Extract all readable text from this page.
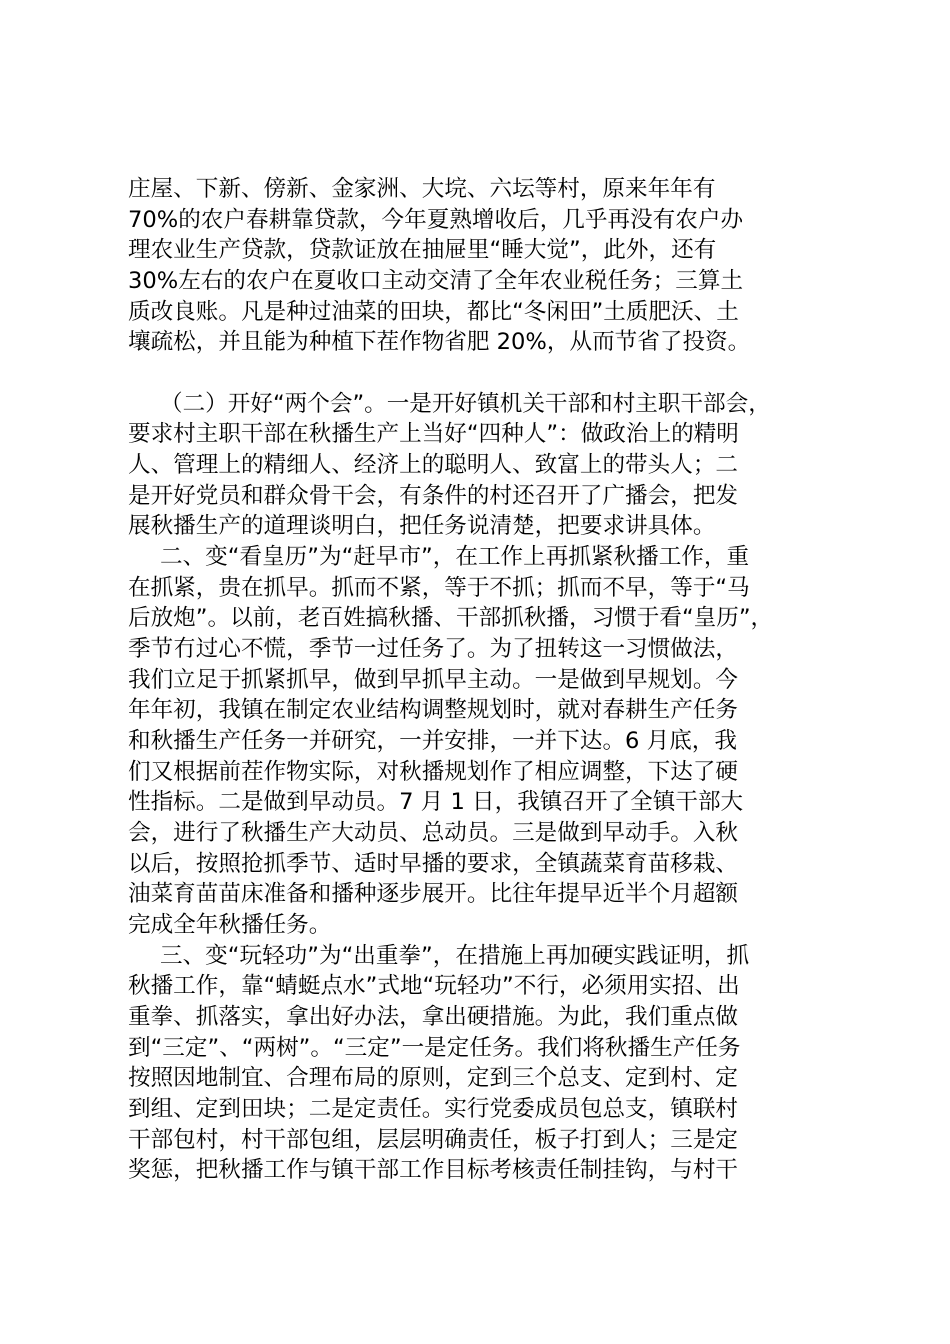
庄屋、下新、傍新、金家洲、大垸、六坛等村，原来年年有
70%的农户春耕靠贷款，今年夏熟增收后，几乎再没有农户办
理农业生产贷款，贷款证放在抽屉里“睡大觉”，此外，还有
30%左右的农户在夏收口主动交清了全年农业税任务；三算土
质改良账。凡是种过油菜的田块，都比“冬闲田”土质肥沃、土
壤疏松，并且能为种植下茬作物省肥 20%，从而节省了投资。
（二）开好“两个会”。一是开好镇机关干部和村主职干部会，
要求村主职干部在秋播生产上当好“四种人”：做政治上的精明
人、管理上的精细人、经济上的聪明人、致富上的带头人；二
是开好党员和群众骨干会，有条件的村还召开了广播会，把发
展秋播生产的道理谈明白，把任务说清楚，把要求讲具体。
二、变“看皇历”为“赶早市”，在工作上再抓紧秋播工作，重
在抓紧，贵在抓早。抓而不紧，等于不抓；抓而不早，等于“马
后放炮”。以前，老百姓搞秋播、干部抓秋播，习惯于看“皇历”，
季节冇过心不慌，季节一过任务了。为了扭转这一习惯做法，
我们立足于抓紧抓早，做到早抓早主动。一是做到早规划。今
年年初，我镇在制定农业结构调整规划时，就对春耕生产任务
和秋播生产任务一并研究，一并安排，一并下达。6 月底，我
们又根据前茬作物实际，对秋播规划作了相应调整，下达了硬
性指标。二是做到早动员。7 月 1 日，我镇召开了全镇干部大
会，进行了秋播生产大动员、总动员。三是做到早动手。入秋
以后，按照抢抓季节、适时早播的要求，全镇蔬菜育苗移栽、
油菜育苗苗床准备和播种逐步展开。比往年提早近半个月超额
完成全年秋播任务。
三、变“玩轻功”为“出重拳”，在措施上再加硬实践证明，抓
秋播工作，靠“蜻蜓点水”式地“玩轻功”不行，必须用实招、出
重拳、抓落实，拿出好办法，拿出硬措施。为此，我们重点做
到“三定”、“两树”。“三定”一是定任务。我们将秋播生产任务
按照因地制宜、合理布局的原则，定到三个总支、定到村、定
到组、定到田块；二是定责任。实行党委成员包总支，镇联村
干部包村，村干部包组，层层明确责任，板子打到人；三是定
奖惩，把秋播工作与镇干部工作目标考核责任制挂钩，与村干
